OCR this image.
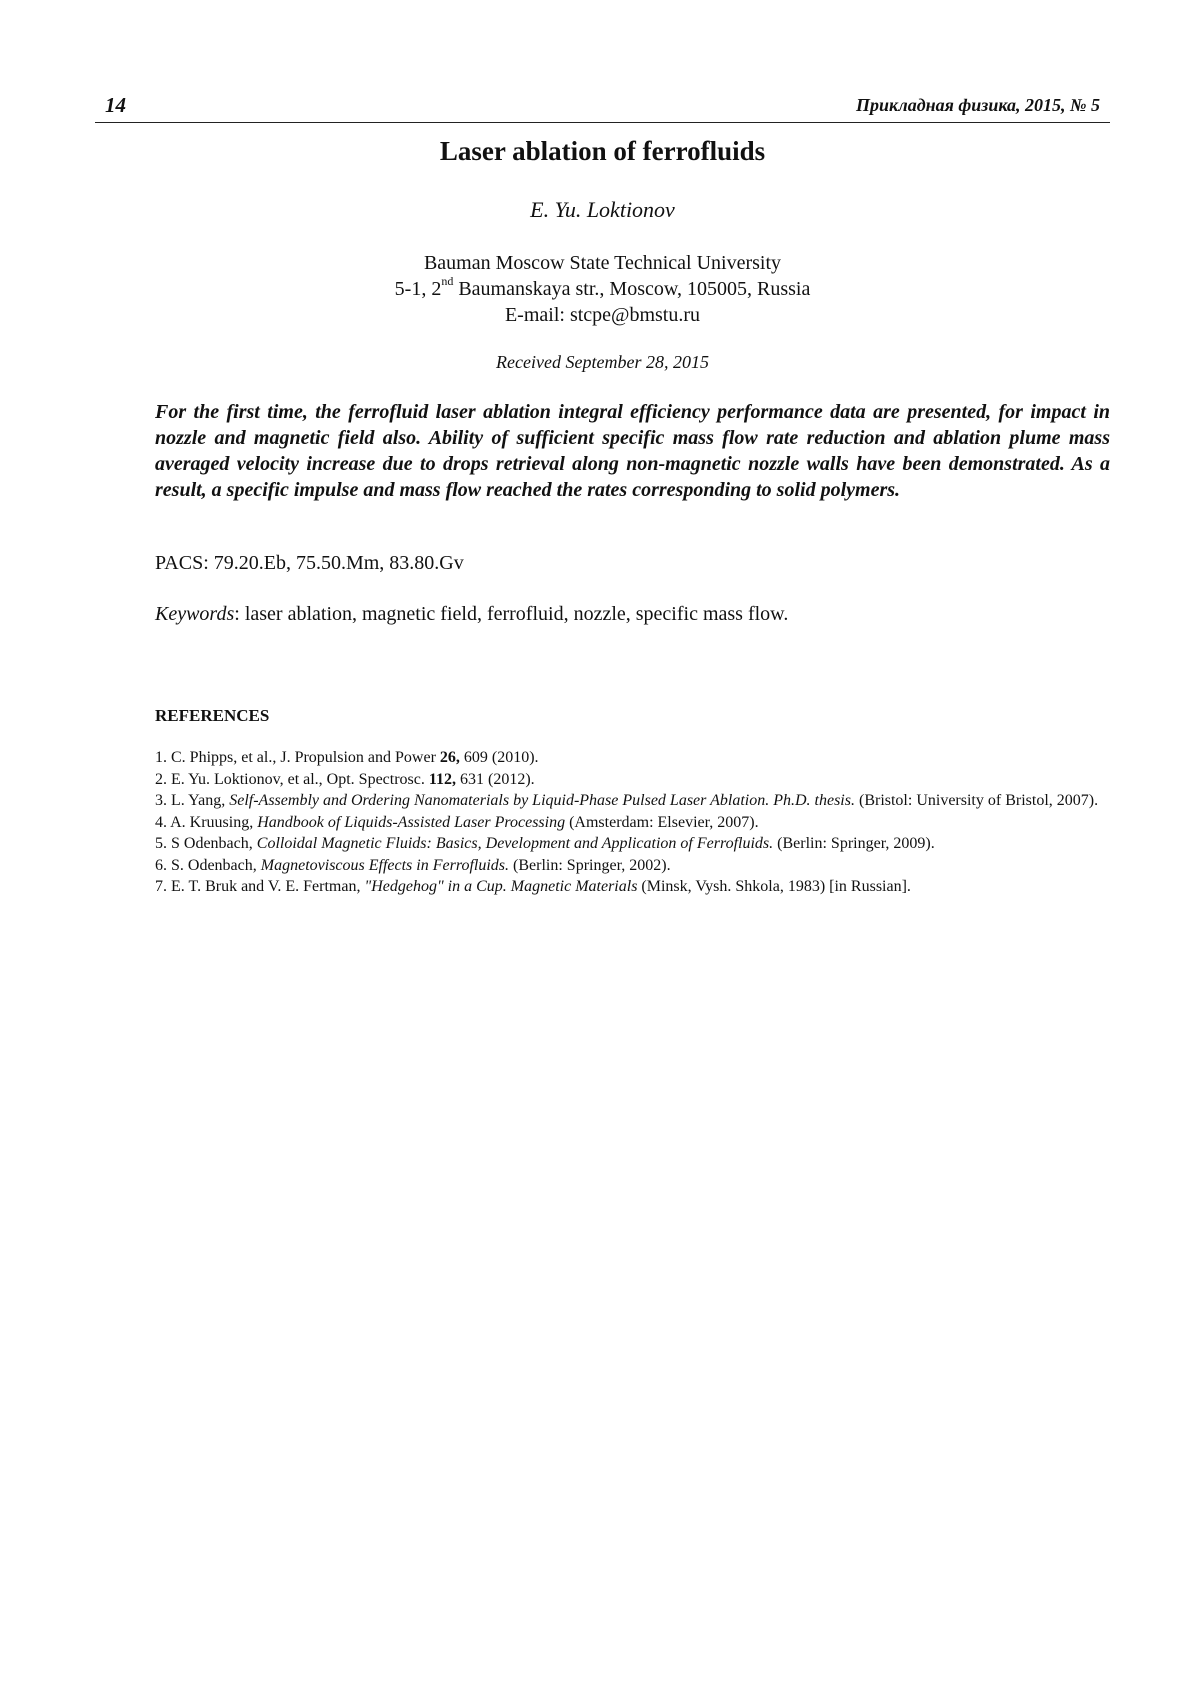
14	Прикладная физика, 2015, № 5
Laser ablation of ferrofluids
E. Yu. Loktionov
Bauman Moscow State Technical University
5-1, 2nd Baumanskaya str., Moscow, 105005, Russia
E-mail: stcpe@bmstu.ru
Received September 28, 2015
For the first time, the ferrofluid laser ablation integral efficiency performance data are presented, for impact in nozzle and magnetic field also. Ability of sufficient specific mass flow rate reduction and ablation plume mass averaged velocity increase due to drops retrieval along non-magnetic nozzle walls have been demonstrated. As a result, a specific impulse and mass flow reached the rates corresponding to solid polymers.
PACS: 79.20.Eb, 75.50.Mm, 83.80.Gv
Keywords: laser ablation, magnetic field, ferrofluid, nozzle, specific mass flow.
REFERENCES

1. C. Phipps, et al., J. Propulsion and Power 26, 609 (2010).

2. E. Yu. Loktionov, et al., Opt. Spectrosc. 112, 631 (2012).

3. L. Yang, Self-Assembly and Ordering Nanomaterials by Liquid-Phase Pulsed Laser Ablation. Ph.D. thesis. (Bristol: University of Bristol, 2007).

4. A. Kruusing, Handbook of Liquids-Assisted Laser Processing (Amsterdam: Elsevier, 2007).

5. S Odenbach, Colloidal Magnetic Fluids: Basics, Development and Application of Ferrofluids. (Berlin: Springer, 2009).

6. S. Odenbach, Magnetoviscous Effects in Ferrofluids. (Berlin: Springer, 2002).

7. E. T. Bruk and V. E. Fertman, "Hedgehog" in a Cup. Magnetic Materials (Minsk, Vysh. Shkola, 1983) [in Russian].
